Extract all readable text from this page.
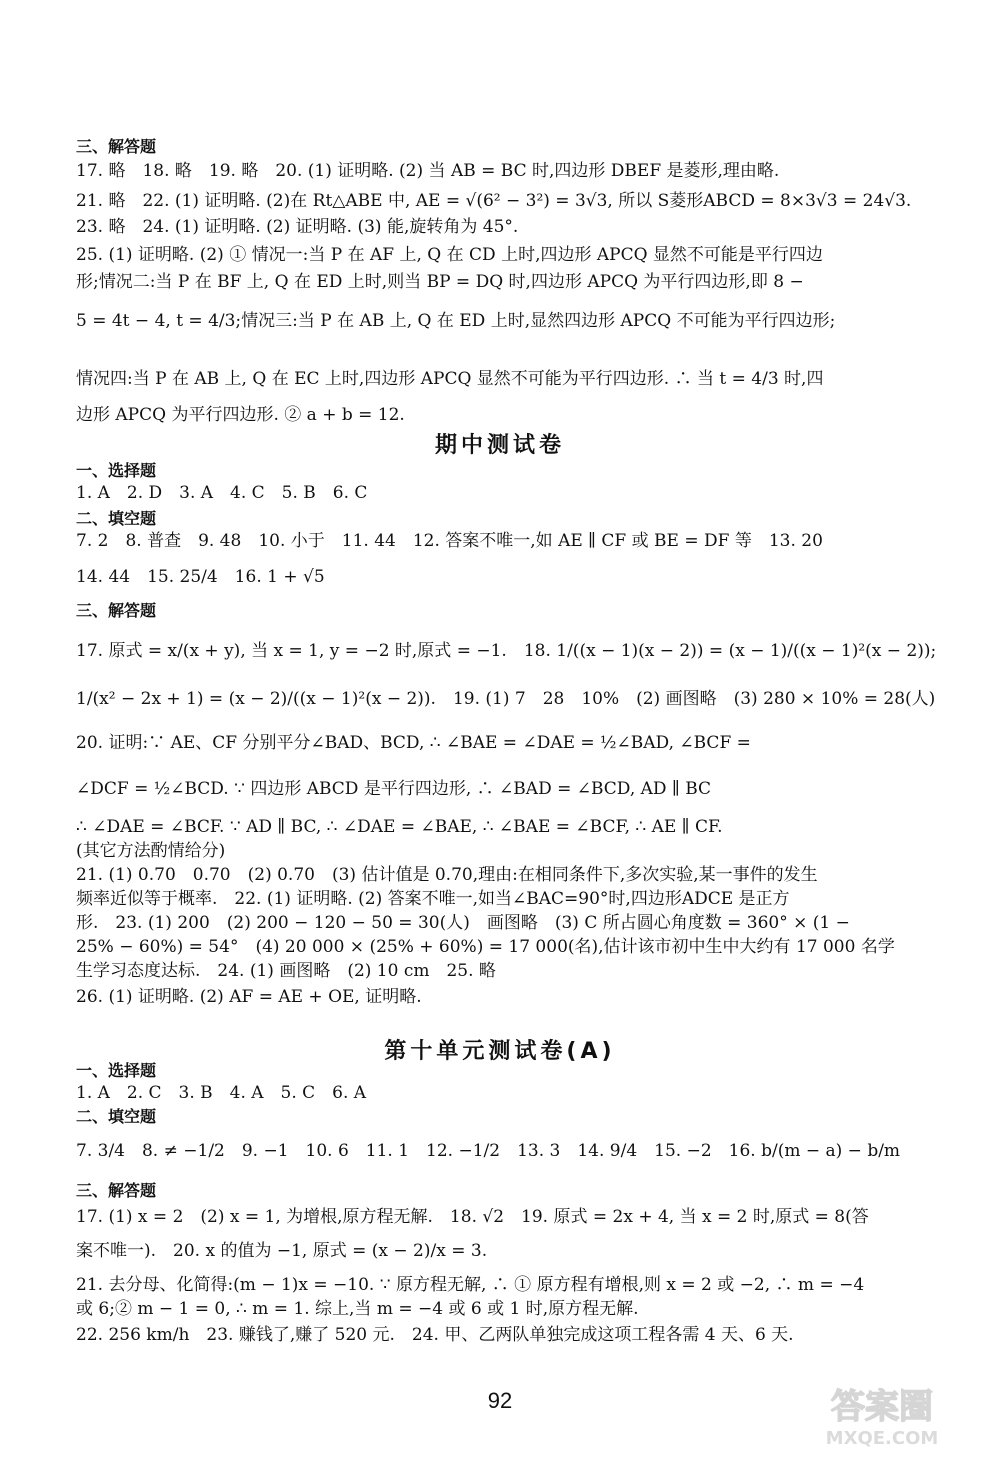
三、解答题
17. 略　18. 略　19. 略　20. (1) 证明略. (2) 当 AB = BC 时,四边形 DBEF 是菱形,理由略.
21. 略　22. (1) 证明略. (2)在 Rt△ABE 中, AE = √(6² − 3²) = 3√3, 所以 S菱形ABCD = 8×3√3 = 24√3.
23. 略　24. (1) 证明略. (2) 证明略. (3) 能,旋转角为 45°.
25. (1) 证明略. (2) ① 情况一:当 P 在 AF 上, Q 在 CD 上时,四边形 APCQ 显然不可能是平行四边
形;情况二:当 P 在 BF 上, Q 在 ED 上时,则当 BP = DQ 时,四边形 APCQ 为平行四边形,即 8 −
5 = 4t − 4, t = 4/3;情况三:当 P 在 AB 上, Q 在 ED 上时,显然四边形 APCQ 不可能为平行四边形;
情况四:当 P 在 AB 上, Q 在 EC 上时,四边形 APCQ 显然不可能为平行四边形. ∴ 当 t = 4/3 时,四
边形 APCQ 为平行四边形. ② a + b = 12.
期中测试卷
一、选择题
1. A　2. D　3. A　4. C　5. B　6. C
二、填空题
7. 2　8. 普查　9. 48　10. 小于　11. 44　12. 答案不唯一,如 AE ∥ CF 或 BE = DF 等　13. 20
14. 44　15. 25/4　16. 1 + √5
三、解答题
17. 原式 = x/(x + y), 当 x = 1, y = −2 时,原式 = −1.　18. 1/((x − 1)(x − 2)) = (x − 1)/((x − 1)²(x − 2));
1/(x² − 2x + 1) = (x − 2)/((x − 1)²(x − 2)).　19. (1) 7　28　10%　(2) 画图略　(3) 280 × 10% = 28(人)
20. 证明:∵ AE、CF 分别平分∠BAD、BCD, ∴ ∠BAE = ∠DAE = ½∠BAD, ∠BCF =
∠DCF = ½∠BCD. ∵ 四边形 ABCD 是平行四边形, ∴ ∠BAD = ∠BCD, AD ∥ BC
∴ ∠DAE = ∠BCF. ∵ AD ∥ BC, ∴ ∠DAE = ∠BAE, ∴ ∠BAE = ∠BCF, ∴ AE ∥ CF.
(其它方法酌情给分)
21. (1) 0.70　0.70　(2) 0.70　(3) 估计值是 0.70,理由:在相同条件下,多次实验,某一事件的发生
频率近似等于概率.　22. (1) 证明略. (2) 答案不唯一,如当∠BAC=90°时,四边形ADCE 是正方
形.　23. (1) 200　(2) 200 − 120 − 50 = 30(人)　画图略　(3) C 所占圆心角度数 = 360° × (1 −
25% − 60%) = 54°　(4) 20 000 × (25% + 60%) = 17 000(名),估计该市初中生中大约有 17 000 名学
生学习态度达标.　24. (1) 画图略　(2) 10 cm　25. 略
26. (1) 证明略. (2) AF = AE + OE, 证明略.
第十单元测试卷(A)
一、选择题
1. A　2. C　3. B　4. A　5. C　6. A
二、填空题
7. 3/4　8. ≠ −1/2　9. −1　10. 6　11. 1　12. −1/2　13. 3　14. 9/4　15. −2　16. b/(m − a) − b/m
三、解答题
17. (1) x = 2　(2) x = 1, 为增根,原方程无解.　18. √2　19. 原式 = 2x + 4, 当 x = 2 时,原式 = 8(答
案不唯一).　20. x 的值为 −1, 原式 = (x − 2)/x = 3.
21. 去分母、化简得:(m − 1)x = −10. ∵ 原方程无解, ∴ ① 原方程有增根,则 x = 2 或 −2, ∴ m = −4
或 6;② m − 1 = 0, ∴ m = 1. 综上,当 m = −4 或 6 或 1 时,原方程无解.
22. 256 km/h　23. 赚钱了,赚了 520 元.　24. 甲、乙两队单独完成这项工程各需 4 天、6 天.
92	答案圈
MXQE.COM
